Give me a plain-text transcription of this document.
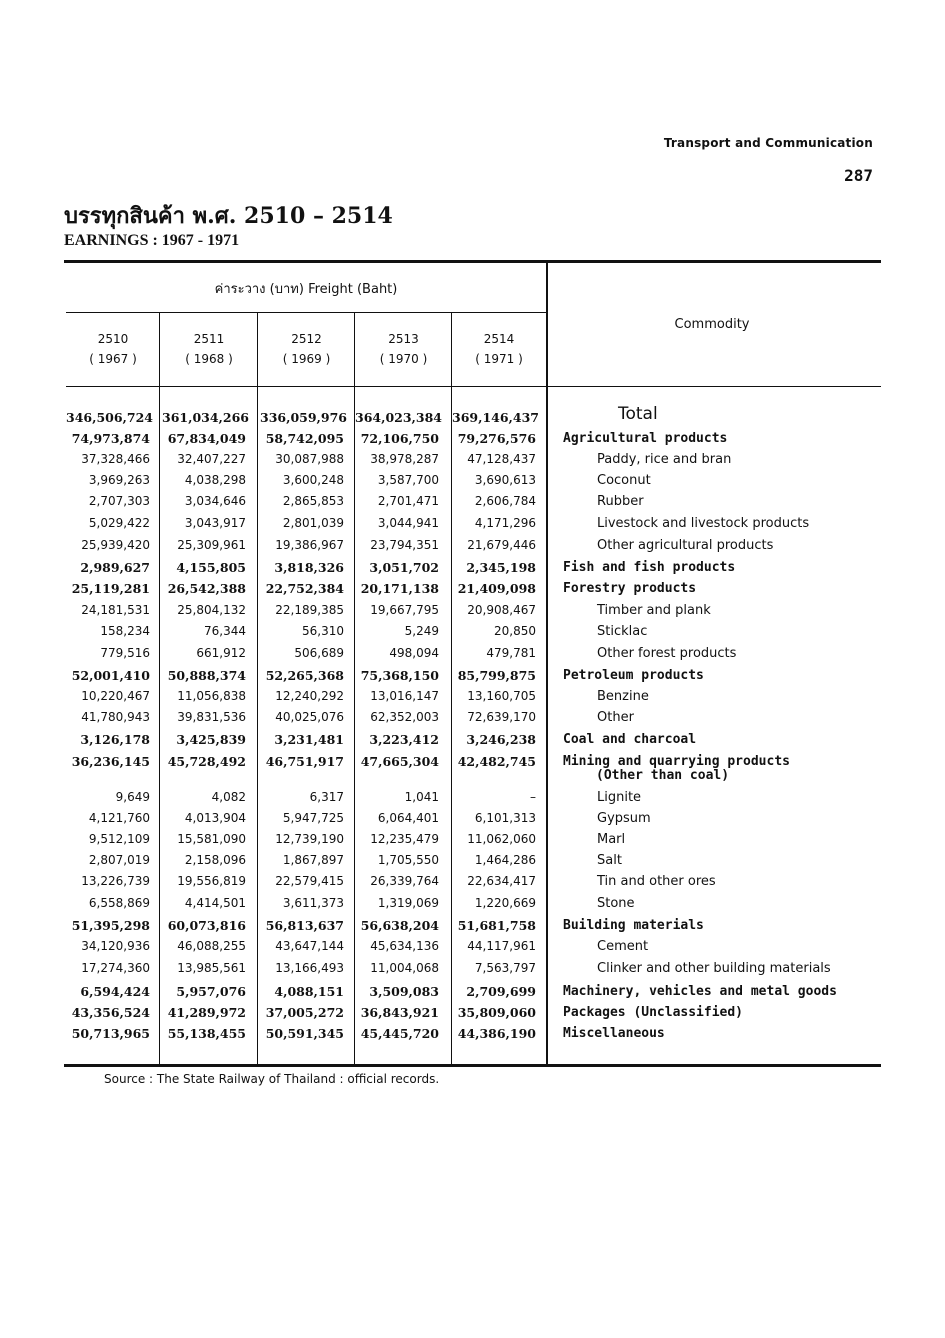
Transport and Communication
287
บรรทุกสินค้า พ.ศ. 2510 – 2514
EARNINGS : 1967 - 1971
ค่าระวาง (บาท) Freight (Baht)
Commodity
2510
( 1967 )
2511
( 1968 )
2512
( 1969 )
2513
( 1970 )
2514
( 1971 )
346,506,724 361,034,266 336,059,976 364,023,384 369,146,437	Total
74,973,874	67,834,049	58,742,095	72,106,750	79,276,576 Agricultural products
37,328,466	32,407,227	30,087,988	38,978,287	47,128,437	Paddy, rice and bran
3,969,263	4,038,298	3,600,248	3,587,700	3,690,613	Coconut
2,707,303	3,034,646	2,865,853	2,701,471	2,606,784	Rubber
5,029,422	3,043,917	2,801,039	3,044,941	4,171,296	Livestock and livestock products
25,939,420	25,309,961	19,386,967	23,794,351	21,679,446	Other agricultural products
2,989,627	4,155,805	3,818,326	3,051,702	2,345,198 Fish and fish products
25,119,281	26,542,388	22,752,384	20,171,138	21,409,098 Forestry products
24,181,531	25,804,132	22,189,385	19,667,795	20,908,467	Timber and plank
158,234	76,344	56,310	5,249	20,850	Sticklac
779,516	661,912	506,689	498,094	479,781	Other forest products
52,001,410	50,888,374	52,265,368	75,368,150	85,799,875 Petroleum products
10,220,467	11,056,838	12,240,292	13,016,147	13,160,705	Benzine
41,780,943	39,831,536	40,025,076	62,352,003	72,639,170	Other
3,126,178	3,425,839	3,231,481	3,223,412	3,246,238 Coal and charcoal
36,236,145	45,728,492	46,751,917	47,665,304	42,482,745 Mining and quarrying products
(Other than coal)
9,649	4,082	6,317	1,041	–	Lignite
4,121,760	4,013,904	5,947,725	6,064,401	6,101,313	Gypsum
9,512,109	15,581,090	12,739,190	12,235,479	11,062,060	Marl
2,807,019	2,158,096	1,867,897	1,705,550	1,464,286	Salt
13,226,739	19,556,819	22,579,415	26,339,764	22,634,417	Tin and other ores
6,558,869	4,414,501	3,611,373	1,319,069	1,220,669	Stone
51,395,298	60,073,816	56,813,637	56,638,204	51,681,758 Building materials
34,120,936	46,088,255	43,647,144	45,634,136	44,117,961	Cement
17,274,360	13,985,561	13,166,493	11,004,068	7,563,797	Clinker and other building materials
6,594,424	5,957,076	4,088,151	3,509,083	2,709,699 Machinery, vehicles and metal goods
43,356,524	41,289,972	37,005,272	36,843,921	35,809,060 Packages (Unclassified)
50,713,965	55,138,455	50,591,345	45,445,720	44,386,190 Miscellaneous
Source : The State Railway of Thailand : official records.
